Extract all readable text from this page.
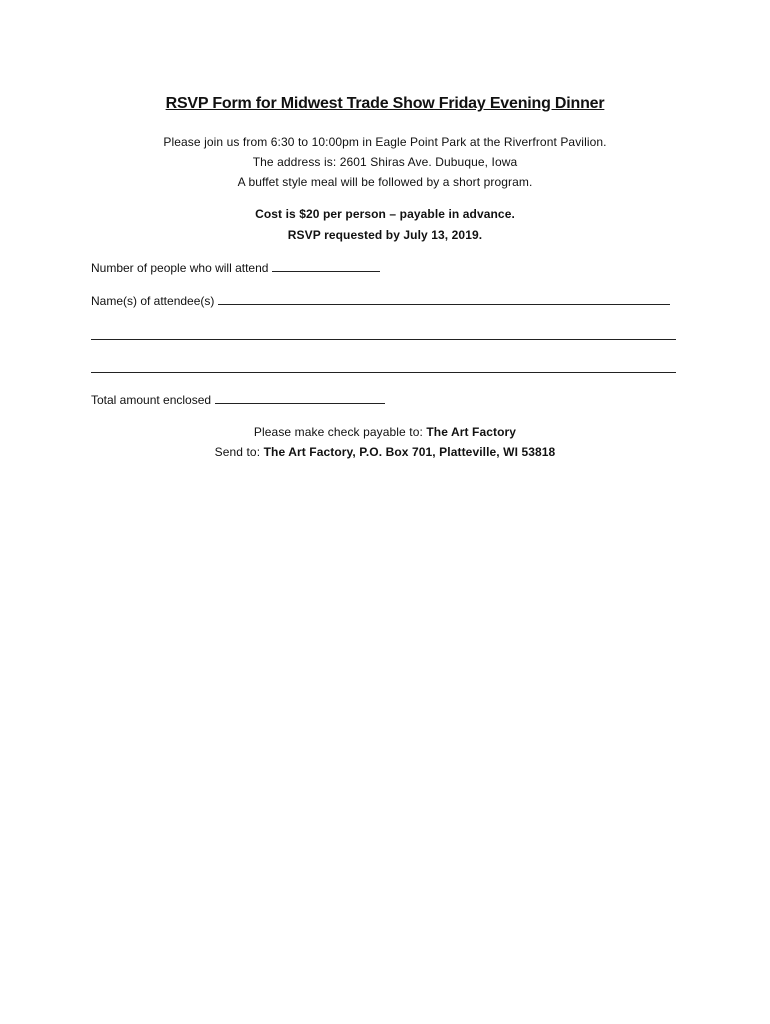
RSVP Form for Midwest Trade Show Friday Evening Dinner
Please join us from 6:30 to 10:00pm in Eagle Point Park at the Riverfront Pavilion.
The address is: 2601 Shiras Ave. Dubuque, Iowa
A buffet style meal will be followed by a short program.
Cost is $20 per person – payable in advance.
RSVP requested by July 13, 2019.
Number of people who will attend
Name(s) of attendee(s)
Total amount enclosed
Please make check payable to: The Art Factory
Send to: The Art Factory, P.O. Box 701, Platteville, WI 53818
